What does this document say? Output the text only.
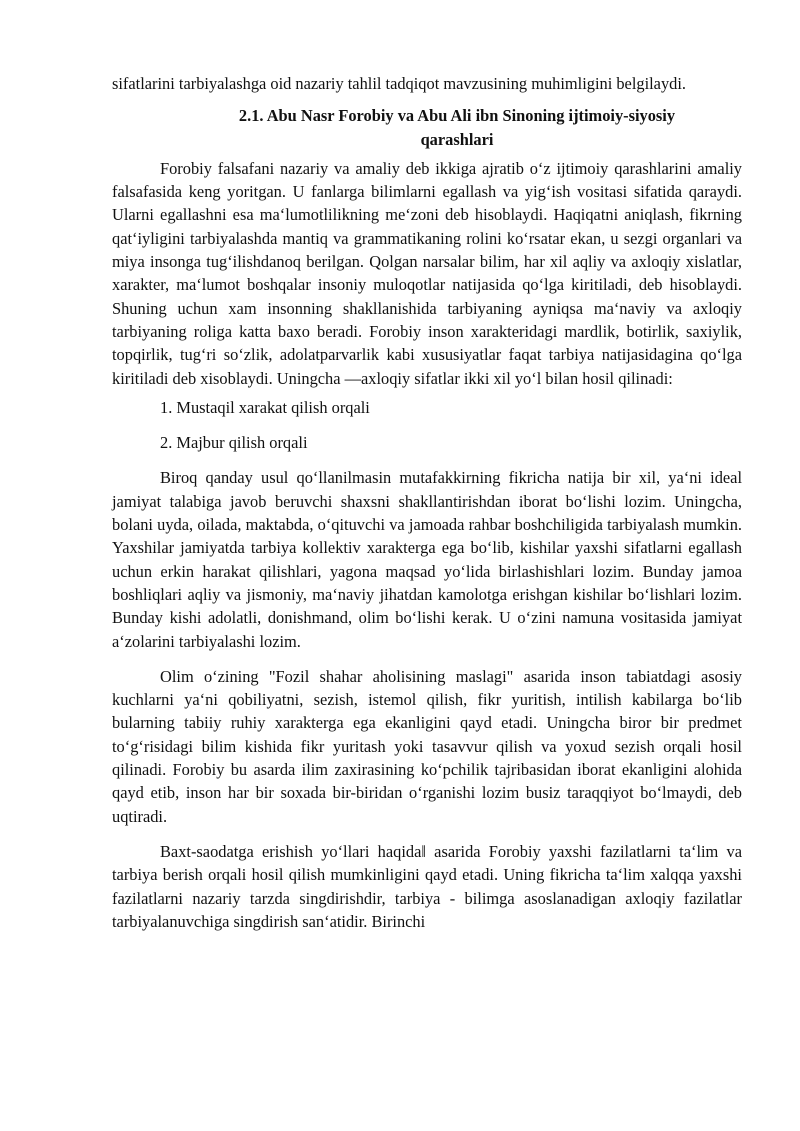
sifatlarini tarbiyalashga oid nazariy tahlil tadqiqot mavzusining muhimligini belgilaydi.

2.1. Abu Nasr Forobiy va Abu Ali ibn Sinoning ijtimoiy-siyosiy
qarashlari

Forobiy falsafani nazariy va amaliy deb ikkiga ajratib o‘z ijtimoiy qarashlarini amaliy falsafasida keng yoritgan. U fanlarga bilimlarni egallash va yig‘ish vositasi sifatida qaraydi. Ularni egallashni esa ma‘lumotlilikning me‘zoni deb hisoblaydi. Haqiqatni aniqlash, fikrning qat‘iyligini tarbiyalashda mantiq va grammatikaning rolini ko‘rsatar ekan, u sezgi organlari va miya insonga tug‘ilishdanoq berilgan. Qolgan narsalar bilim, har xil aqliy va axloqiy xislatlar, xarakter, ma‘lumot boshqalar insoniy muloqotlar natijasida qo‘lga kiritiladi, deb hisoblaydi. Shuning uchun xam insonning shakllanishida tarbiyaning ayniqsa ma‘naviy va axloqiy tarbiyaning roliga katta baxo beradi. Forobiy inson xarakteridagi mardlik, botirlik, saxiylik, topqirlik, tug‘ri so‘zlik, adolatparvarlik kabi xususiyatlar faqat tarbiya natijasidagina qo‘lga kiritiladi deb xisoblaydi. Uningcha —axloqiy sifatlar ikki xil yo‘l bilan hosil qilinadi:

1. Mustaqil xarakat qilish orqali

2. Majbur qilish orqali

Biroq qanday usul qo‘llanilmasin mutafakkirning fikricha natija bir xil, ya‘ni ideal jamiyat talabiga javob beruvchi shaxsni shakllantirishdan iborat bo‘lishi lozim. Uningcha, bolani uyda, oilada, maktabda, o‘qituvchi va jamoada rahbar boshchiligida tarbiyalash mumkin. Yaxshilar jamiyatda tarbiya kollektiv xarakterga ega bo‘lib, kishilar yaxshi sifatlarni egallash uchun erkin harakat qilishlari, yagona maqsad yo‘lida birlashishlari lozim. Bunday jamoa boshliqlari aqliy va jismoniy, ma‘naviy jihatdan kamolotga erishgan kishilar bo‘lishlari lozim. Bunday kishi adolatli, donishmand, olim bo‘lishi kerak. U o‘zini namuna vositasida jamiyat a‘zolarini tarbiyalashi lozim.

Olim o‘zining "Fozil shahar aholisining maslagi" asarida inson tabiatdagi asosiy kuchlarni ya‘ni qobiliyatni, sezish, istemol qilish, fikr yuritish, intilish kabilarga bo‘lib bularning tabiiy ruhiy xarakterga ega ekanligini qayd etadi. Uningcha biror bir predmet to‘g‘risidagi bilim kishida fikr yuritash yoki tasavvur qilish va yoxud sezish orqali hosil qilinadi. Forobiy bu asarda ilim zaxirasining ko‘pchilik tajribasidan iborat ekanligini alohida qayd etib, inson har bir soxada bir-biridan o‘rganishi lozim busiz taraqqiyot bo‘lmaydi, deb uqtiradi.

Baxt-saodatga erishish yo‘llari haqida‖ asarida Forobiy yaxshi fazilatlarni ta‘lim va tarbiya berish orqali hosil qilish mumkinligini qayd etadi. Uning fikricha ta‘lim xalqqa yaxshi fazilatlarni nazariy tarzda singdirishdir, tarbiya - bilimga asoslanadigan axloqiy fazilatlar tarbiyalanuvchiga singdirish san‘atidir. Birinchi
